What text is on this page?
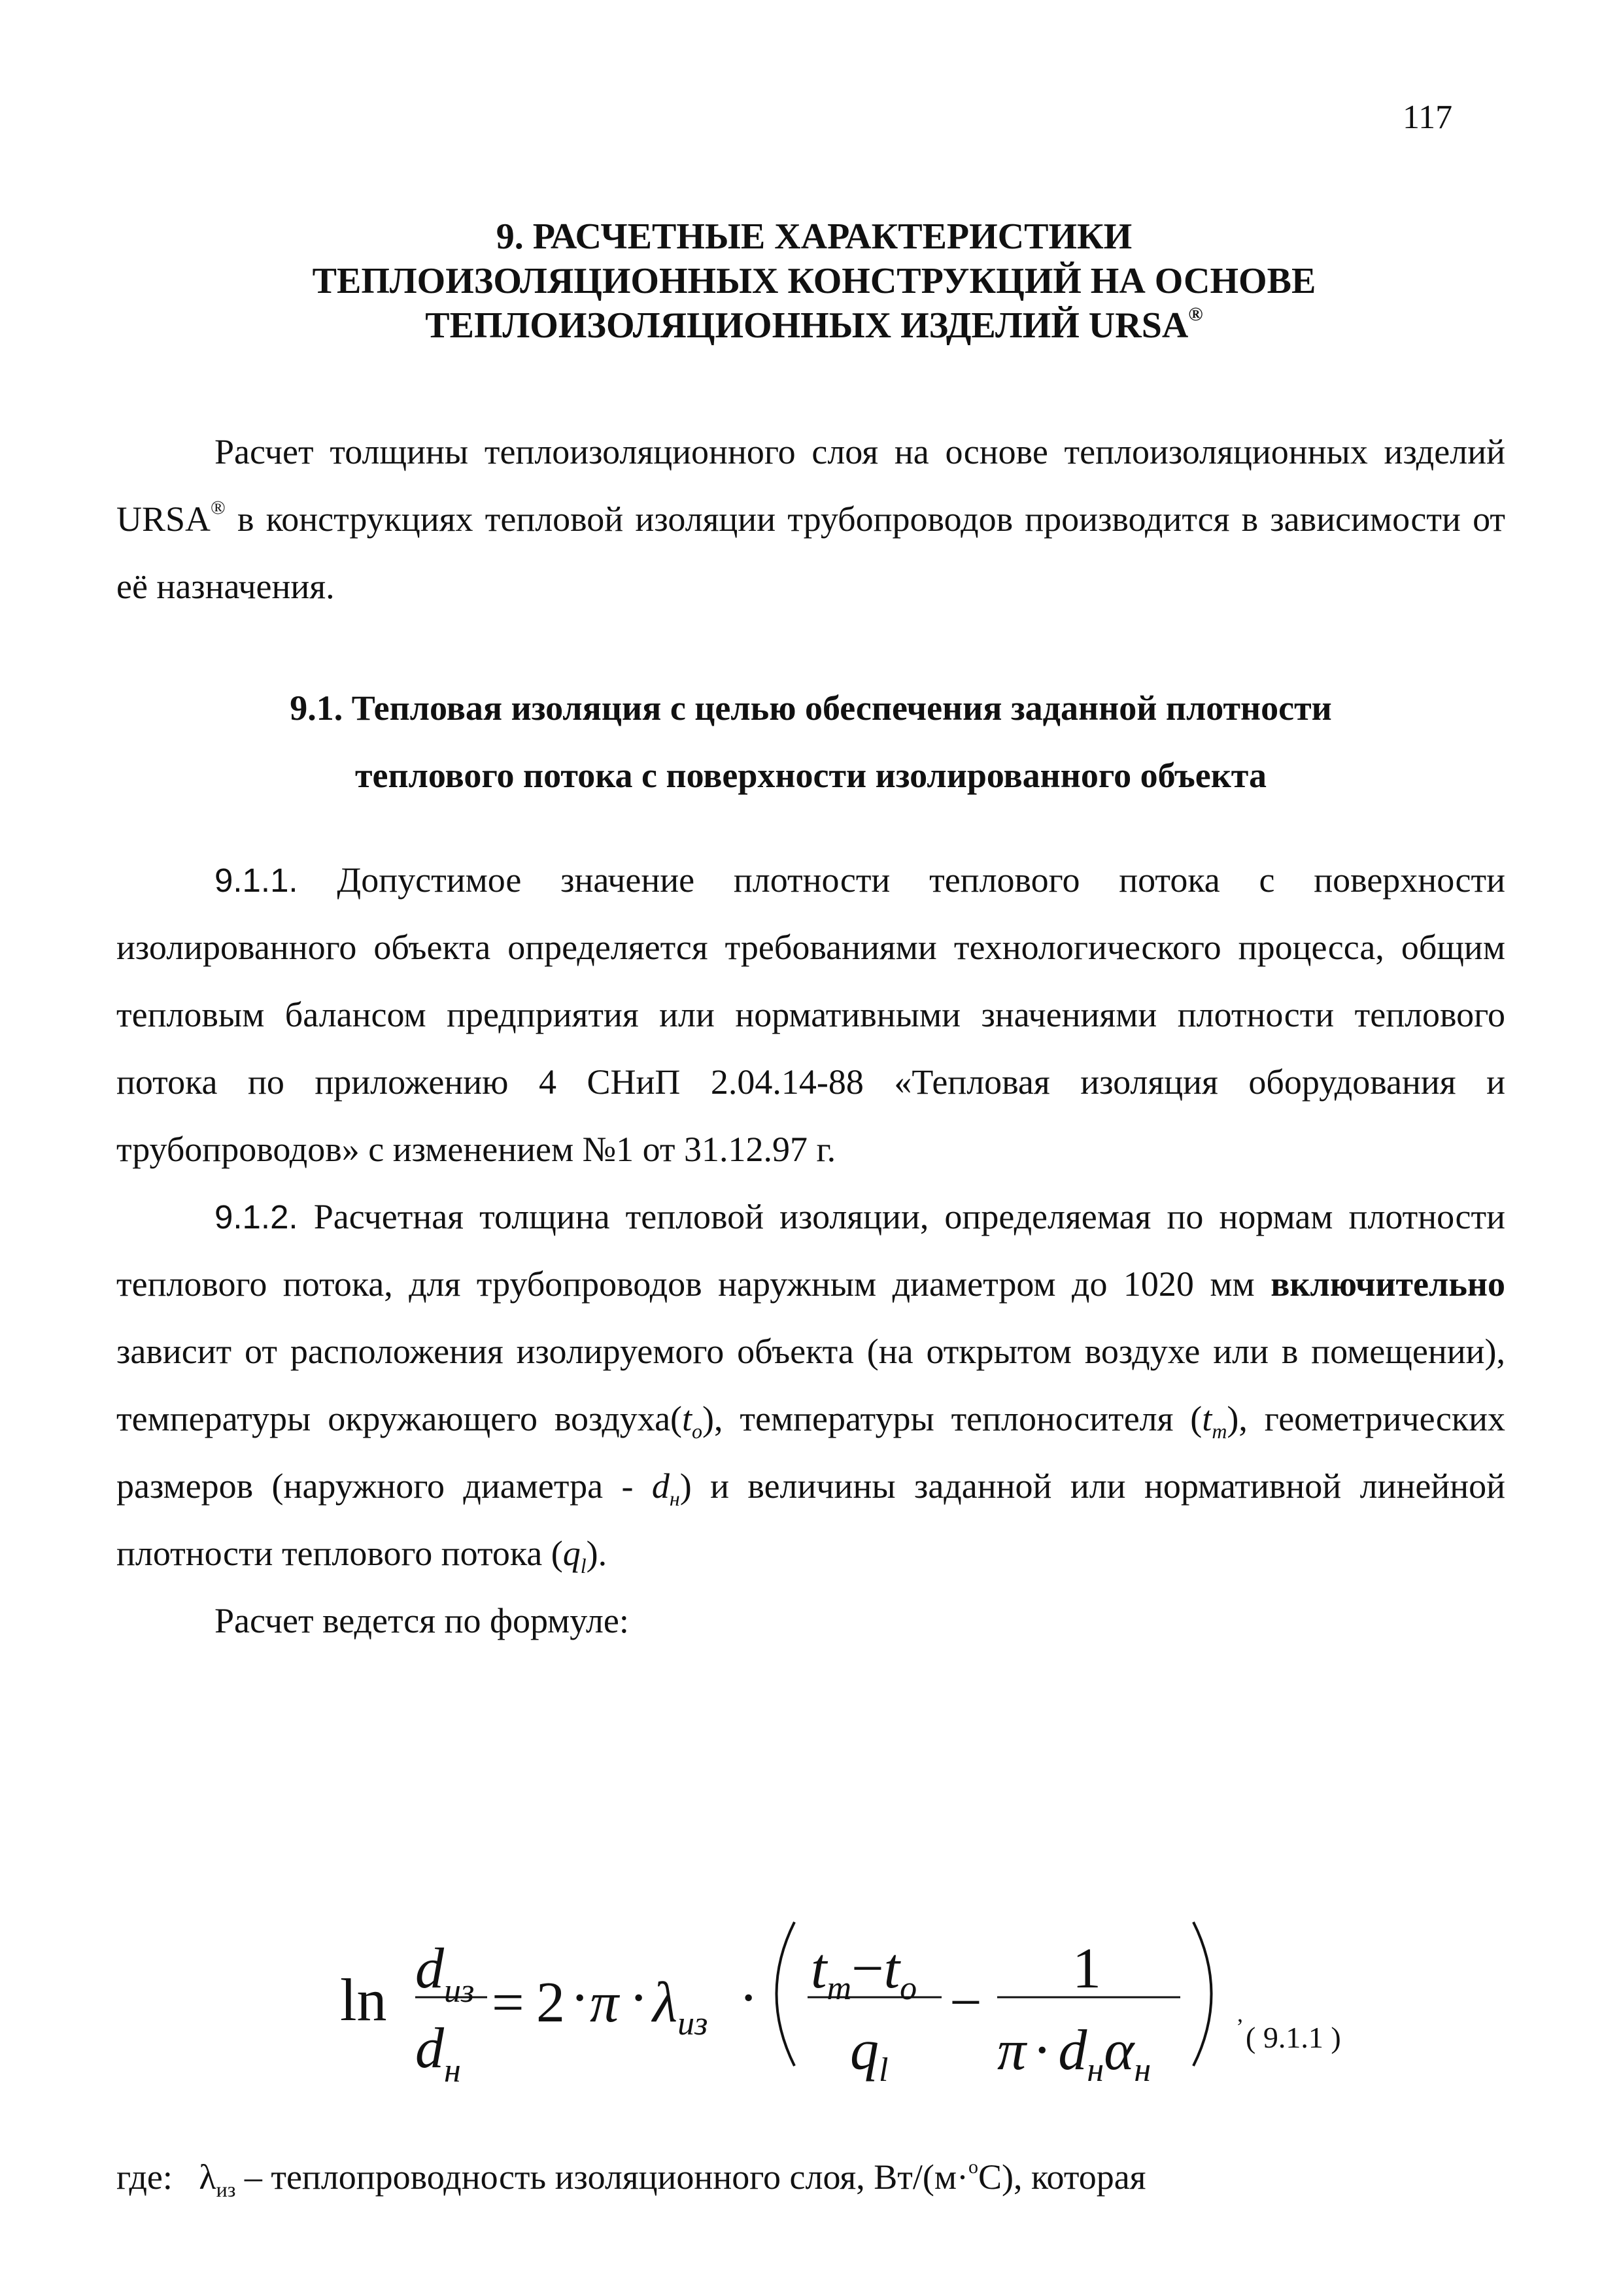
117
9. РАСЧЕТНЫЕ ХАРАКТЕРИСТИКИ
ТЕПЛОИЗОЛЯЦИОННЫХ КОНСТРУКЦИЙ НА ОСНОВЕ
ТЕПЛОИЗОЛЯЦИОННЫХ ИЗДЕЛИЙ URSA®

Расчет толщины теплоизоляционного слоя на основе теплоизоляционных изделий URSA® в конструкциях тепловой изоляции трубопроводов производится в зависимости от её назначения.

9.1. Тепловая изоляция с целью обеспечения заданной плотности
теплового потока с поверхности изолированного объекта

9.1.1. Допустимое значение плотности теплового потока с поверхности изолированного объекта определяется требованиями технологического процесса, общим тепловым балансом предприятия или нормативными значениями плотности теплового потока по приложению 4 СНиП 2.04.14-88 «Тепловая изоляция оборудования и трубопроводов» с изменением №1 от 31.12.97 г.

9.1.2. Расчетная толщина тепловой изоляции, определяемая по нормам плотности теплового потока, для трубопроводов наружным диаметром до 1020 мм включительно зависит от расположения изолируемого объекта (на открытом воздухе или в помещении), температуры окружающего $воздуха(t_o)$, температуры теплоносителя $(t_m)$, геометрических размеров (наружного диаметра - $d_н$) и величины заданной или нормативной линейной плотности теплового потока $(q_l)$.

Расчет ведется по формуле:

$\ln d_{из}$
$d_н$
= $2 \cdot \pi \cdot \lambda_{из} \cdot t_m-t_o$
$q_l$
−
1
$\pi \cdot d_н\alpha_н$
,
( 9.1.1 )
где: $\lambda_{из}$ – теплопроводность изоляционного слоя, Вт/(м·$^o$С), которая
